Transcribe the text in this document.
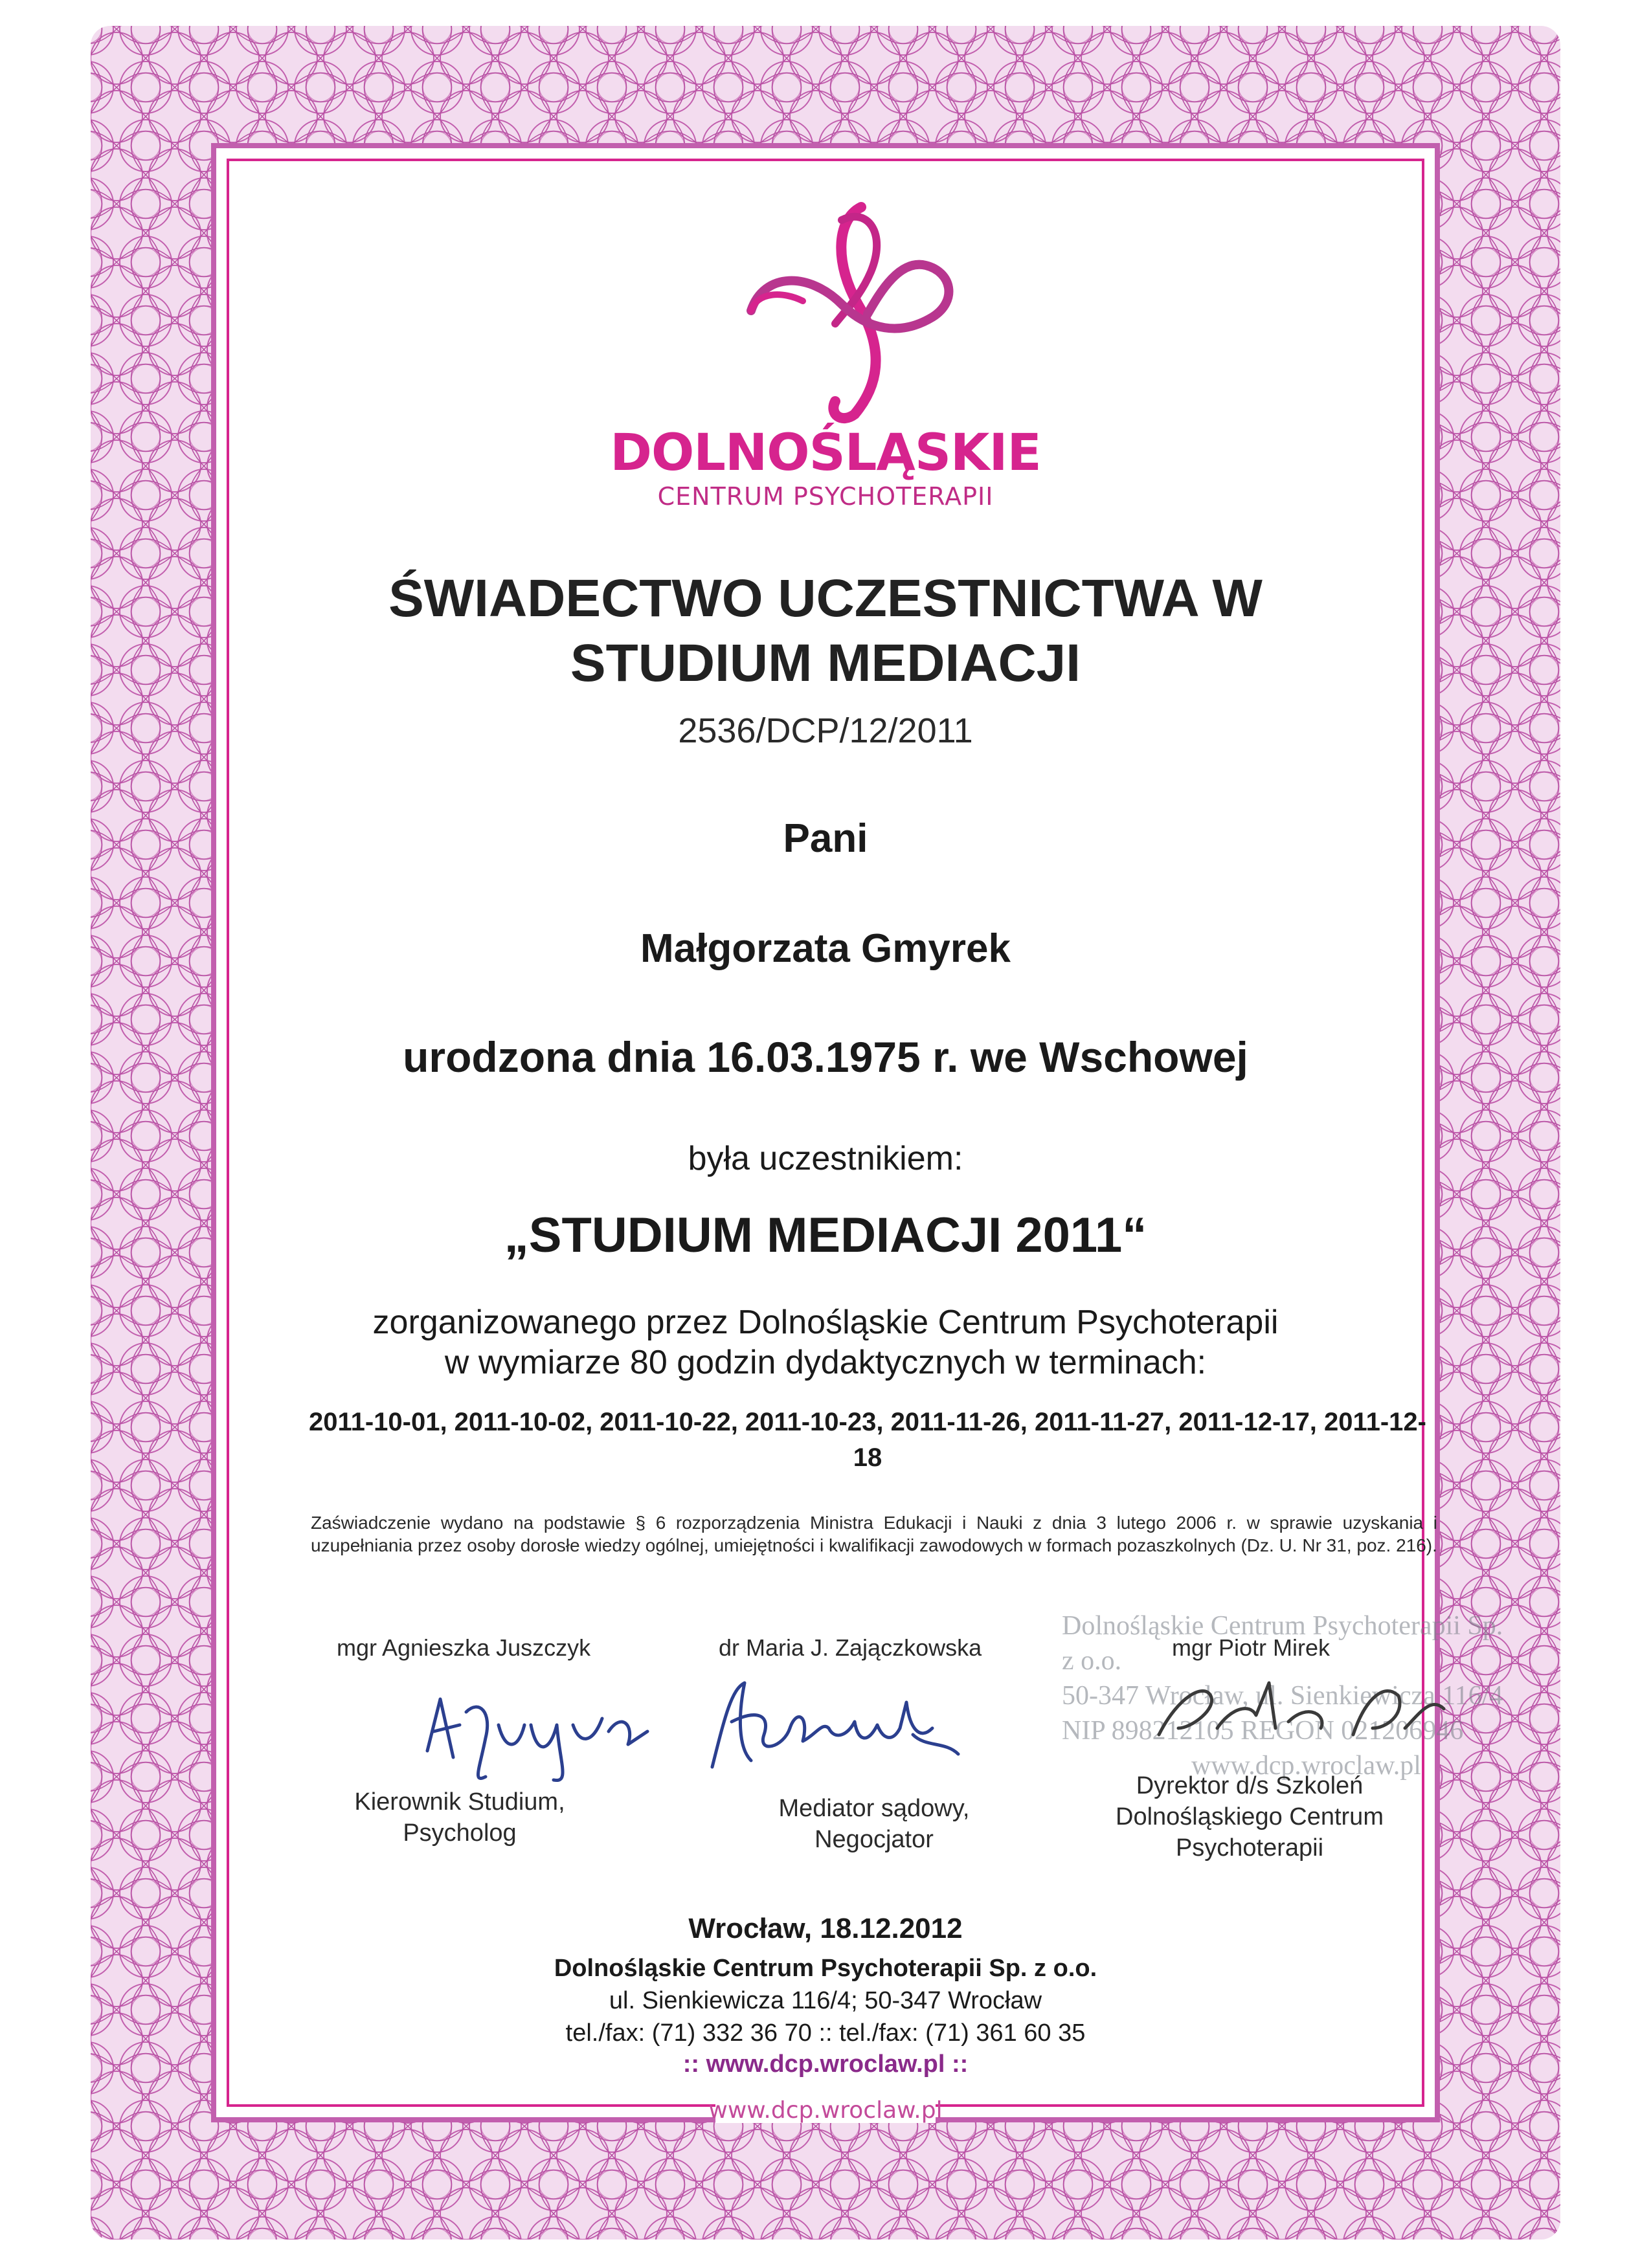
DOLNOŚLĄSKIE
CENTRUM PSYCHOTERAPII
ŚWIADECTWO UCZESTNICTWA W
STUDIUM MEDIACJI
2536/DCP/12/2011
Pani
Małgorzata Gmyrek
urodzona dnia 16.03.1975 r. we Wschowej
była uczestnikiem:
„STUDIUM MEDIACJI 2011“
zorganizowanego przez Dolnośląskie Centrum Psychoterapii
w wymiarze 80 godzin dydaktycznych w terminach:
2011-10-01, 2011-10-02, 2011-10-22, 2011-10-23, 2011-11-26, 2011-11-27, 2011-12-17, 2011-12-18
Zaświadczenie wydano na podstawie § 6 rozporządzenia Ministra Edukacji i Nauki z dnia 3 lutego 2006 r. w sprawie uzyskania i uzupełniania przez osoby dorosłe wiedzy ogólnej, umiejętności i kwalifikacji zawodowych w formach pozaszkolnych (Dz. U. Nr 31, poz. 216).
mgr Agnieszka Juszczyk	dr Maria J. Zajączkowska
Dolnośląskie Centrum Psychoterapii Sp. z o.o.
50-347 Wrocław, ul. Sienkiewicza 116/4
NIP 898212105 REGON 021206946
www.dcp.wroclaw.pl
mgr Piotr Mirek
Kierownik Studium,
Psycholog
Mediator sądowy,
Negocjator
Dyrektor d/s Szkoleń
Dolnośląskiego Centrum
Psychoterapii
Wrocław, 18.12.2012
Dolnośląskie Centrum Psychoterapii Sp. z o.o.
ul. Sienkiewicza 116/4; 50-347 Wrocław
tel./fax: (71) 332 36 70 :: tel./fax: (71) 361 60 35
:: www.dcp.wroclaw.pl ::
www.dcp.wroclaw.pl
